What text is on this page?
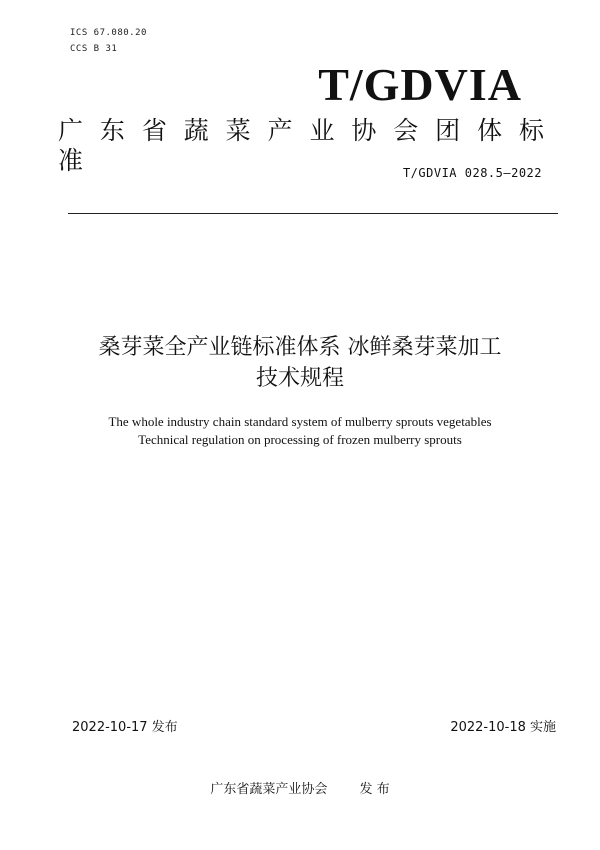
ICS 67.080.20
CCS B 31
T/GDVIA
广东省蔬菜产业协会团体标准	T/GDVIA 028.5—2022
桑芽菜全产业链标准体系 冰鲜桑芽菜加工
技术规程
The whole industry chain standard system of mulberry sprouts vegetables
Technical regulation on processing of frozen mulberry sprouts
2022-10-17 发布	2022-10-18 实施
广东省蔬菜产业协会 发 布
